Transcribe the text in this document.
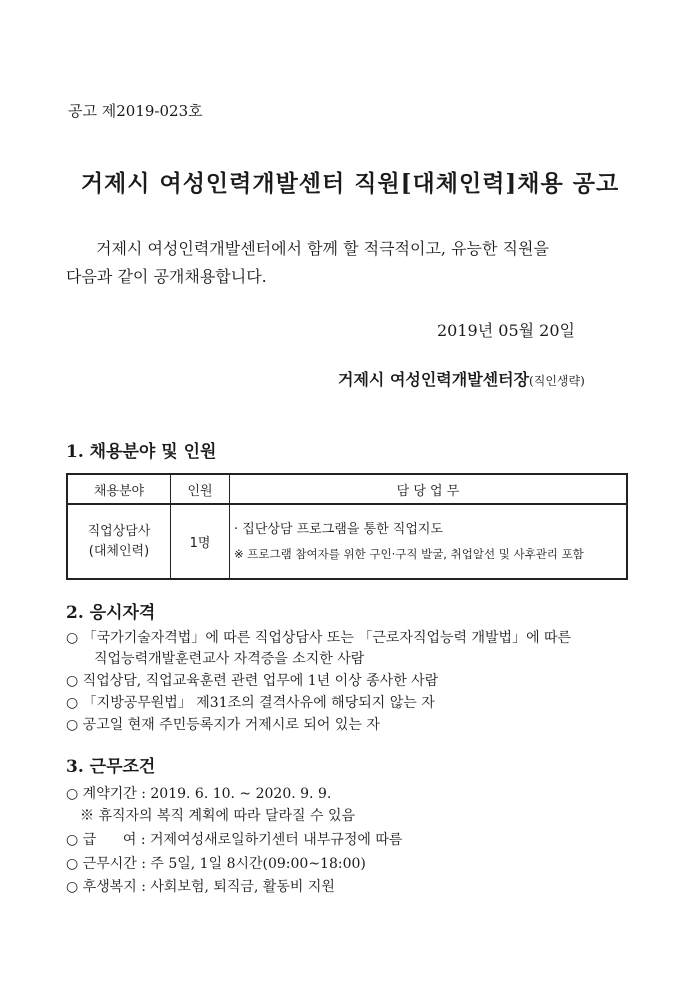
공고 제2019-023호
거제시 여성인력개발센터 직원[대체인력]채용 공고
거제시 여성인력개발센터에서 함께 할 적극적이고, 유능한 직원을
다음과 같이 공개채용합니다.
2019년 05월 20일
거제시 여성인력개발센터장(직인생략)
1. 채용분야 및 인원
채용분야	인원	담 당 업 무

직업상담사
(대체인력)	1명	· 집단상담 프로그램을 통한 직업지도
※ 프로그램 참여자를 위한 구인·구직 발굴, 취업알선 및 사후관리 포함
2. 응시자격
○ 「국가기술자격법」에 따른 직업상담사 또는 「근로자직업능력 개발법」에 따른
직업능력개발훈련교사 자격증을 소지한 사람
○ 직업상담, 직업교육훈련 관련 업무에 1년 이상 종사한 사람
○ 「지방공무원법」 제31조의 결격사유에 해당되지 않는 자
○ 공고일 현재 주민등록지가 거제시로 되어 있는 자
3. 근무조건
○ 계약기간 : 2019. 6. 10. ~ 2020. 9. 9.
※ 휴직자의 복직 계획에 따라 달라질 수 있음
○ 급      여 : 거제여성새로일하기센터 내부규정에 따름
○ 근무시간 : 주 5일, 1일 8시간(09:00~18:00)
○ 후생복지 : 사회보험, 퇴직금, 활동비 지원
